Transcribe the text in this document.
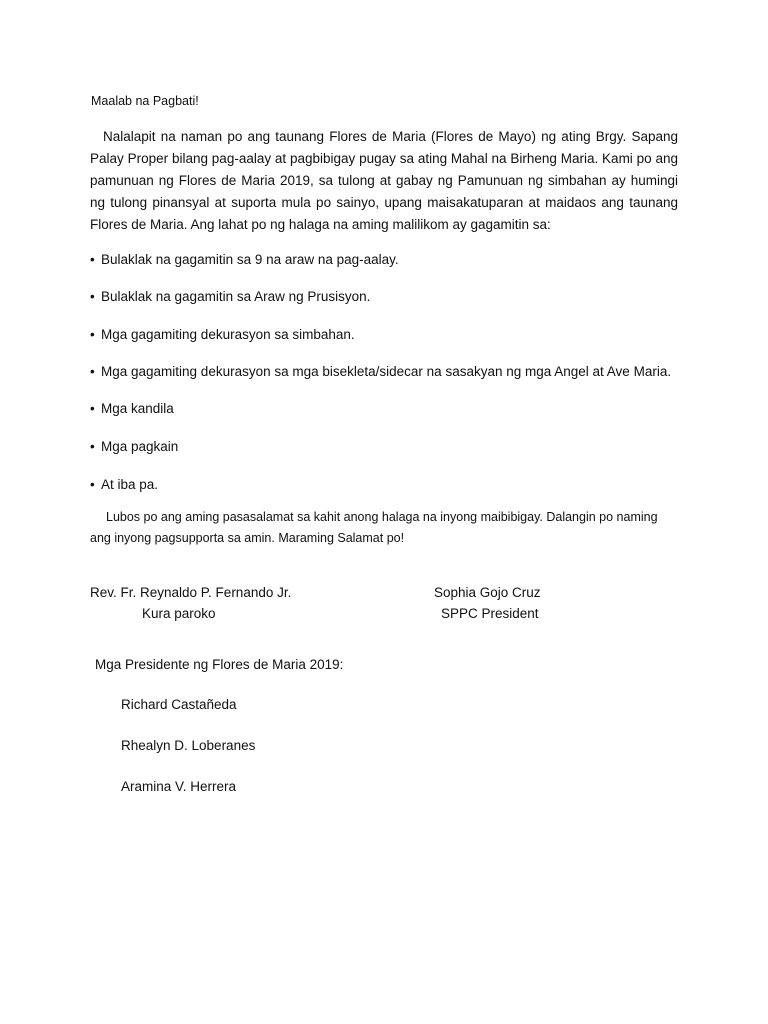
Maalab na Pagbati!

Nalalapit na naman po ang taunang Flores de Maria (Flores de Mayo) ng ating Brgy. Sapang Palay Proper bilang pag-aalay at pagbibigay pugay sa ating Mahal na Birheng Maria. Kami po ang pamunuan ng Flores de Maria 2019, sa tulong at gabay ng Pamunuan ng simbahan ay humingi ng tulong pinansyal at suporta mula po sainyo, upang maisakatuparan at maidaos ang taunang Flores de Maria. Ang lahat po ng halaga na aming malilikom ay gagamitin sa:

• Bulaklak na gagamitin sa 9 na araw na pag-aalay.
• Bulaklak na gagamitin sa Araw ng Prusisyon.
• Mga gagamiting dekurasyon sa simbahan.
• Mga gagamiting dekurasyon sa mga bisekleta/sidecar na sasakyan ng mga Angel at Ave Maria.
• Mga kandila
• Mga pagkain
• At iba pa.

Lubos po ang aming pasasalamat sa kahit anong halaga na inyong maibibigay. Dalangin po naming ang inyong pagsupporta sa amin. Maraming Salamat po!

Rev. Fr. Reynaldo P. Fernando Jr.
Kura paroko
Sophia Gojo Cruz
SPPC President
Mga Presidente ng Flores de Maria 2019:
Richard Castañeda
Rhealyn D. Loberanes
Aramina V. Herrera
